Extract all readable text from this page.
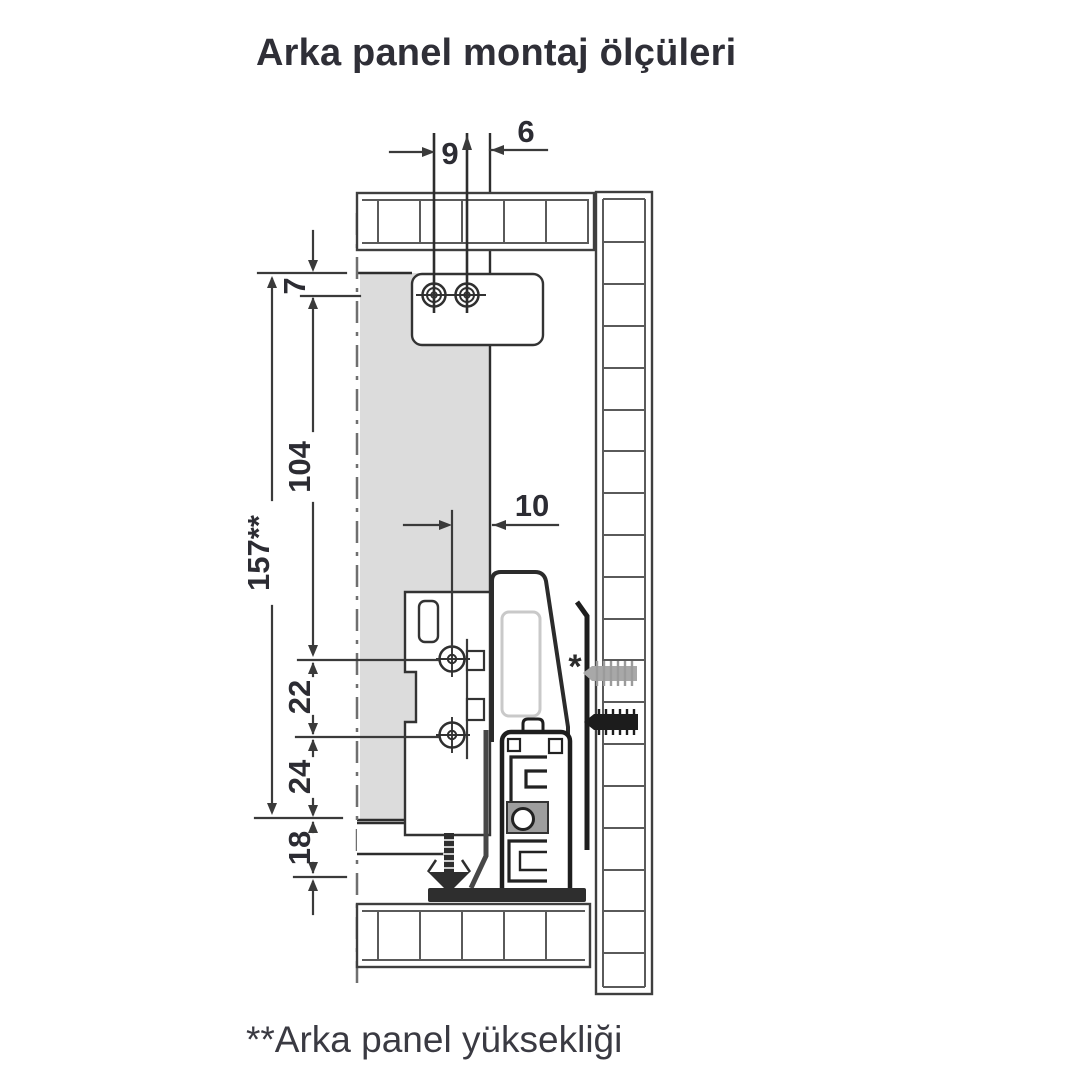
Arka panel montaj ölçüleri
*
9
6
10
7
104
157**
22
24
18
**Arka panel yüksekliği
